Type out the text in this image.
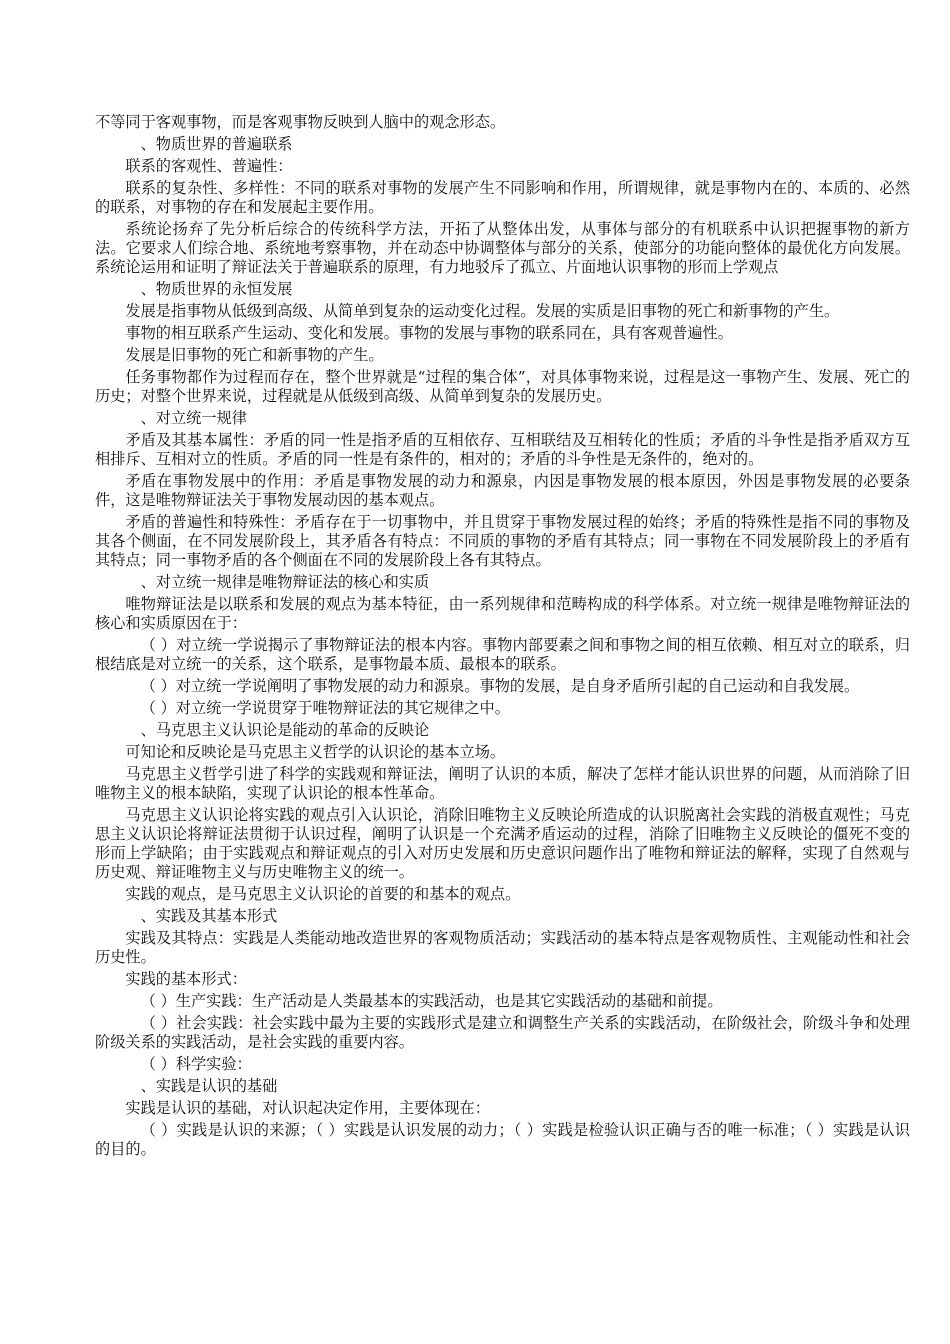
不等同于客观事物，而是客观事物反映到人脑中的观念形态。

、物质世界的普遍联系

联系的客观性、普遍性：

联系的复杂性、多样性：不同的联系对事物的发展产生不同影响和作用，所谓规律，就是事物内在的、本质的、必然的联系，对事物的存在和发展起主要作用。

系统论扬弃了先分析后综合的传统科学方法，开拓了从整体出发，从事体与部分的有机联系中认识把握事物的新方法。它要求人们综合地、系统地考察事物，并在动态中协调整体与部分的关系，使部分的功能向整体的最优化方向发展。系统论运用和证明了辩证法关于普遍联系的原理，有力地驳斥了孤立、片面地认识事物的形而上学观点

、物质世界的永恒发展

发展是指事物从低级到高级、从简单到复杂的运动变化过程。发展的实质是旧事物的死亡和新事物的产生。

事物的相互联系产生运动、变化和发展。事物的发展与事物的联系同在，具有客观普遍性。

发展是旧事物的死亡和新事物的产生。

任务事物都作为过程而存在，整个世界就是“过程的集合体”，对具体事物来说，过程是这一事物产生、发展、死亡的历史；对整个世界来说，过程就是从低级到高级、从简单到复杂的发展历史。

、对立统一规律

矛盾及其基本属性：矛盾的同一性是指矛盾的互相依存、互相联结及互相转化的性质；矛盾的斗争性是指矛盾双方互相排斥、互相对立的性质。矛盾的同一性是有条件的，相对的；矛盾的斗争性是无条件的，绝对的。

矛盾在事物发展中的作用：矛盾是事物发展的动力和源泉，内因是事物发展的根本原因，外因是事物发展的必要条件，这是唯物辩证法关于事物发展动因的基本观点。

矛盾的普遍性和特殊性：矛盾存在于一切事物中，并且贯穿于事物发展过程的始终；矛盾的特殊性是指不同的事物及其各个侧面，在不同发展阶段上，其矛盾各有特点：不同质的事物的矛盾有其特点；同一事物在不同发展阶段上的矛盾有其特点；同一事物矛盾的各个侧面在不同的发展阶段上各有其特点。

、对立统一规律是唯物辩证法的核心和实质

唯物辩证法是以联系和发展的观点为基本特征，由一系列规律和范畴构成的科学体系。对立统一规律是唯物辩证法的核心和实质原因在于：

（ ）对立统一学说揭示了事物辩证法的根本内容。事物内部要素之间和事物之间的相互依赖、相互对立的联系，归根结底是对立统一的关系，这个联系，是事物最本质、最根本的联系。

（ ）对立统一学说阐明了事物发展的动力和源泉。事物的发展，是自身矛盾所引起的自己运动和自我发展。

（ ）对立统一学说贯穿于唯物辩证法的其它规律之中。

、马克思主义认识论是能动的革命的反映论

可知论和反映论是马克思主义哲学的认识论的基本立场。

马克思主义哲学引进了科学的实践观和辩证法，阐明了认识的本质，解决了怎样才能认识世界的问题，从而消除了旧唯物主义的根本缺陷，实现了认识论的根本性革命。

马克思主义认识论将实践的观点引入认识论，消除旧唯物主义反映论所造成的认识脱离社会实践的消极直观性；马克思主义认识论将辩证法贯彻于认识过程，阐明了认识是一个充满矛盾运动的过程，消除了旧唯物主义反映论的僵死不变的形而上学缺陷；由于实践观点和辩证观点的引入对历史发展和历史意识问题作出了唯物和辩证法的解释，实现了自然观与历史观、辩证唯物主义与历史唯物主义的统一。

实践的观点，是马克思主义认识论的首要的和基本的观点。

、实践及其基本形式

实践及其特点：实践是人类能动地改造世界的客观物质活动；实践活动的基本特点是客观物质性、主观能动性和社会历史性。

实践的基本形式：

（ ）生产实践：生产活动是人类最基本的实践活动，也是其它实践活动的基础和前提。

（ ）社会实践：社会实践中最为主要的实践形式是建立和调整生产关系的实践活动，在阶级社会，阶级斗争和处理阶级关系的实践活动，是社会实践的重要内容。

（ ）科学实验：

、实践是认识的基础

实践是认识的基础，对认识起决定作用，主要体现在：

（ ）实践是认识的来源；（ ）实践是认识发展的动力；（ ）实践是检验认识正确与否的唯一标准；（ ）实践是认识的目的。
